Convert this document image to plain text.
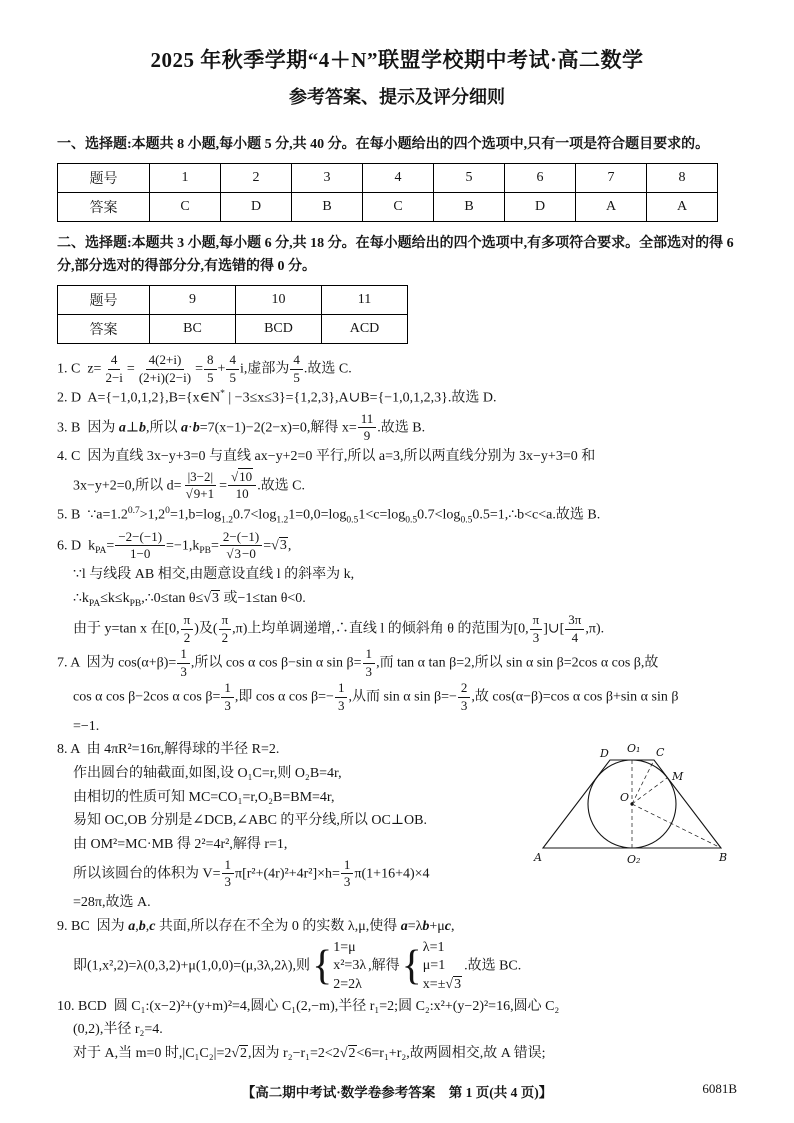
2025 年秋季学期“4＋N”联盟学校期中考试·高二数学
参考答案、提示及评分细则

一、选择题:本题共 8 小题,每小题 5 分,共 40 分。在每小题给出的四个选项中,只有一项是符合题目要求的。

题号	1	2	3	4	5	6	7	8
答案	C	D	B	C	B	D	A	A

二、选择题:本题共 3 小题,每小题 6 分,共 18 分。在每小题给出的四个选项中,有多项符合要求。全部选对的得 6 分,部分选对的得部分分,有选错的得 0 分。

题号	9	10	11
答案	BC	BCD	ACD
1. C  $z= \frac{4}{2-i} = \frac{4(2+i)}{(2+i)(2-i)} = \frac{8}{5} + \frac{4}{5} i$,虚部为 $\frac{4}{5}$ .故选 C.
2. D  A={−1,0,1,2},B={x∈N* | −3≤x≤3}={1,2,3},A∪B={−1,0,1,2,3}.故选 D.
3. B  因为 a⊥b,所以 a·b=7(x−1)−2(2−x)=0,解得 $x= \frac{11}{9}$ .故选 B.
4. C  因为直线 3x−y+3=0 与直线 ax−y+2=0 平行,所以 a=3,所以两直线分别为 3x−y+3=0 和
3x−y+2=0,所以 $d= \frac{|3-2|}{√9+1} = \frac{√10}{10}$ .故选 C.
5. B  $\because a=1.2^{0.7}>1,2^0=1,b=\log_{1.2}0.7<\log_{1.2}1=0,0=\log_{0.5}1<c=\log_{0.5}0.7<\log_{0.5}0.5=1,\therefore b<c<a$.故选 B.
6. D  $k_{PA}= \frac{-2-(-1)}{1-0} =-1,k_{PB}= \frac{2-(-1)}{√3-0} =√3$,
∵l 与线段 AB 相交,由题意设直线 l 的斜率为 k,
$\therefore k_{PA}\le k\le k_{PB},\therefore 0\le\tan$ θ≤√3 或−1≤tan θ<0.
由于 y=tan x 在[0, $\frac{\pi}{2}$ )及( $\frac{\pi}{2} ,\pi$)上均单调递增,∴直线 l 的倾斜角 θ 的范围为[0, $\frac{\pi}{3}$ ]∪[ $\frac{3\pi}{4} ,\pi$).
7. A  因为 $\cos(\alpha+\beta)= \frac{1}{3}$ ,所以 cos α cos β−sin α $\sin \beta= \frac{1}{3}$ ,而 tan α tan β=2,所以 sin α sin β=2cos α cos β,故
cos α cos β−2cos α $\cos \beta= \frac{1}{3}$ ,即 cos α $\cos \beta=- \frac{1}{3}$ ,从而 sin α $\sin \beta=- \frac{2}{3}$ ,故 cos(α−β)=cos α cos β+sin α sin β
=−1.
D O₁ C
M
O
A	O₂	B
8. A  由 4πR²=16π,解得球的半径 R=2.
作出圆台的轴截面,如图,设 O₁C=r,则 O₂B=4r,
由相切的性质可知 MC=CO₁=r,O₂B=BM=4r,
易知 OC,OB 分别是∠DCB,∠ABC 的平分线,所以 OC⊥OB.
由 OM²=MC·MB 得 2²=4r²,解得 r=1,
所以该圆台的体积为 $V= \frac{1}{3} \pi[r^2+(4r)^2+4r^2]\times h= \frac{1}{3} \pi(1+16+4)\times 4$
=28π,故选 A.
9. BC  因为 a,b,c 共面,所以存在不全为 0 的实数 λ,μ,使得 a=λb+μc,
即(1,x²,2)=λ(0,3,2)+μ(1,0,0)=(μ,3λ,2λ),则 { 1=μ
x²=3λ
2=2λ
,解得 { λ=1
μ=1
x=±√3
.故选 BC.
10. BCD  圆 C₁:(x−2)²+(y+m)²=4,圆心 C₁(2,−m),半径 r₁=2;圆 C₂:x²+(y−2)²=16,圆心 C₂
(0,2),半径 r₂=4.
对于 A,当 m=0 时,|C₁C₂|=2√2,因为 r₂−r₁=2<2√2<6=r₁+r₂,故两圆相交,故 A 错误;
【高二期中考试·数学卷参考答案　第 1 页(共 4 页)】	6081B
